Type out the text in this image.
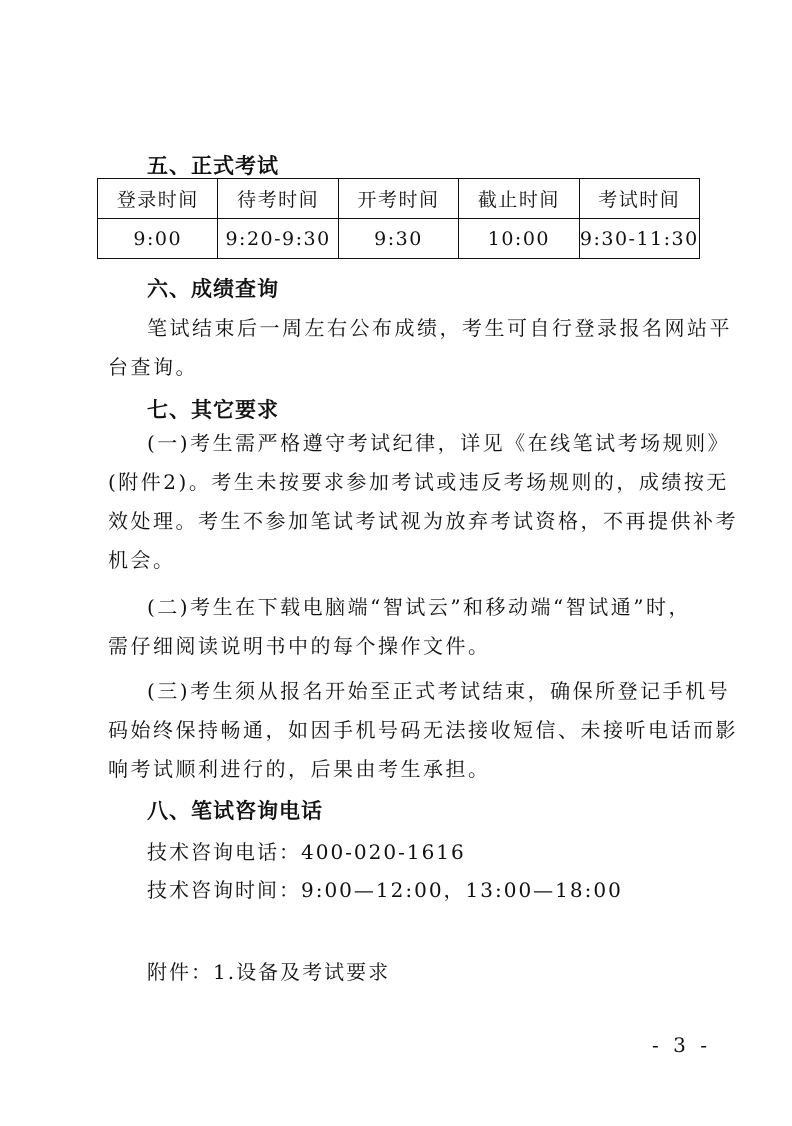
五、正式考试
登录时间	待考时间	开考时间	截止时间	考试时间
9:00	9:20-9:30	9:30	10:00	9:30-11:30
六、成绩查询
笔试结束后一周左右公布成绩，考生可自行登录报名网站平
台查询。
七、其它要求
(一)考生需严格遵守考试纪律，详见《在线笔试考场规则》
(附件2)。考生未按要求参加考试或违反考场规则的，成绩按无
效处理。考生不参加笔试考试视为放弃考试资格，不再提供补考
机会。
(二)考生在下载电脑端“智试云”和移动端“智试通”时，
需仔细阅读说明书中的每个操作文件。
(三)考生须从报名开始至正式考试结束，确保所登记手机号
码始终保持畅通，如因手机号码无法接收短信、未接听电话而影
响考试顺利进行的，后果由考生承担。
八、笔试咨询电话
技术咨询电话：400-020-1616
技术咨询时间：9:00—12:00，13:00—18:00
附件：1.设备及考试要求
- 3 -
